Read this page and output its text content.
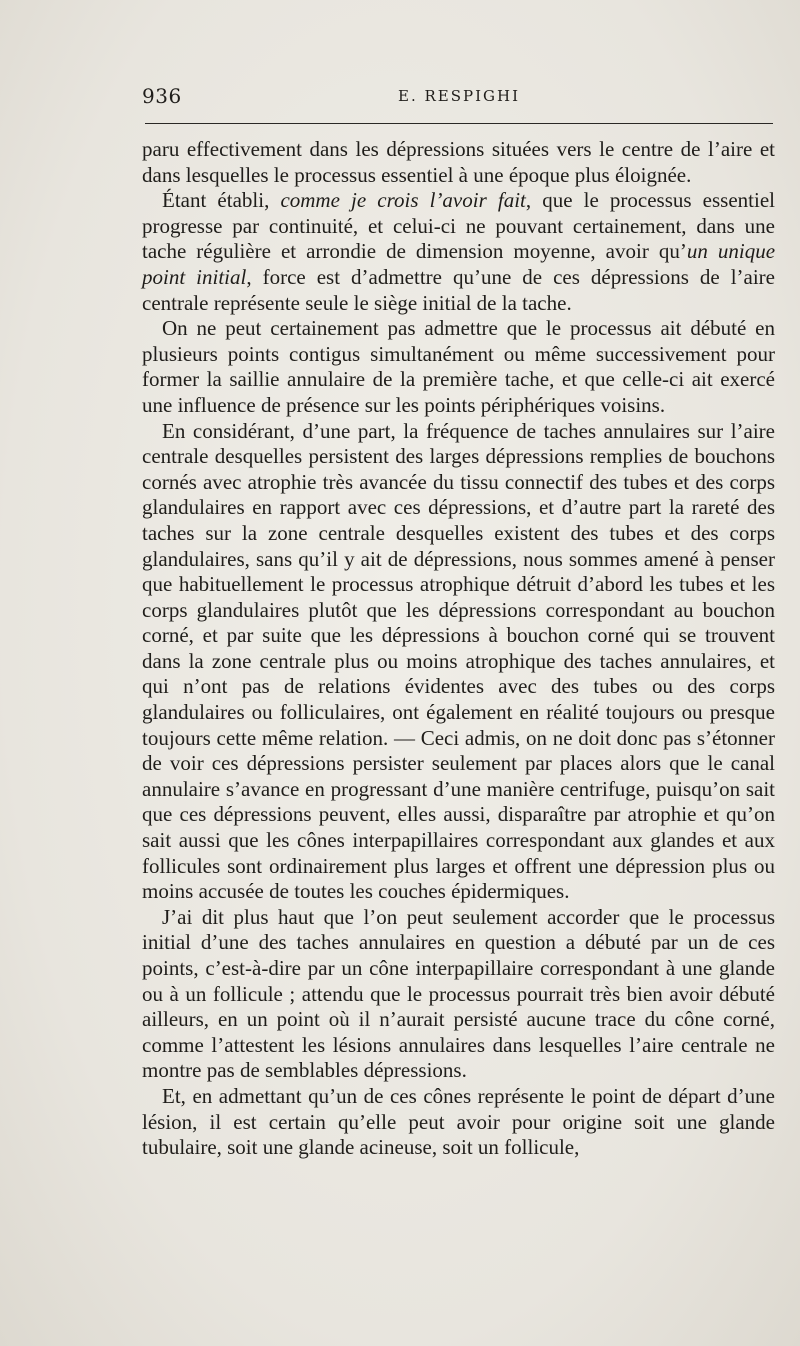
936	E. RESPIGHI

paru effectivement dans les dépressions situées vers le centre de l’aire et dans lesquelles le processus essentiel à une époque plus éloignée.

Étant établi, comme je crois l’avoir fait, que le processus essentiel progresse par continuité, et celui-ci ne pouvant certainement, dans une tache régulière et arrondie de dimension moyenne, avoir qu’un unique point initial, force est d’admettre qu’une de ces dépressions de l’aire centrale représente seule le siège initial de la tache.

On ne peut certainement pas admettre que le processus ait débuté en plusieurs points contigus simultanément ou même successivement pour former la saillie annulaire de la première tache, et que celle-ci ait exercé une influence de présence sur les points périphériques voisins.

En considérant, d’une part, la fréquence de taches annulaires sur l’aire centrale desquelles persistent des larges dépressions remplies de bouchons cornés avec atrophie très avancée du tissu connectif des tubes et des corps glandulaires en rapport avec ces dépressions, et d’autre part la rareté des taches sur la zone centrale desquelles existent des tubes et des corps glandulaires, sans qu’il y ait de dépressions, nous sommes amené à penser que habituellement le processus atrophique détruit d’abord les tubes et les corps glandulaires plutôt que les dépressions correspondant au bouchon corné, et par suite que les dépressions à bouchon corné qui se trouvent dans la zone centrale plus ou moins atrophique des taches annulaires, et qui n’ont pas de relations évidentes avec des tubes ou des corps glandulaires ou folliculaires, ont également en réalité toujours ou presque toujours cette même relation. — Ceci admis, on ne doit donc pas s’étonner de voir ces dépressions persister seulement par places alors que le canal annulaire s’avance en progressant d’une manière centrifuge, puisqu’on sait que ces dépressions peuvent, elles aussi, disparaître par atrophie et qu’on sait aussi que les cônes interpapillaires correspondant aux glandes et aux follicules sont ordinairement plus larges et offrent une dépression plus ou moins accusée de toutes les couches épidermiques.

J’ai dit plus haut que l’on peut seulement accorder que le processus initial d’une des taches annulaires en question a débuté par un de ces points, c’est-à-dire par un cône interpapillaire correspondant à une glande ou à un follicule ; attendu que le processus pourrait très bien avoir débuté ailleurs, en un point où il n’aurait persisté aucune trace du cône corné, comme l’attestent les lésions annulaires dans lesquelles l’aire centrale ne montre pas de semblables dépressions.

Et, en admettant qu’un de ces cônes représente le point de départ d’une lésion, il est certain qu’elle peut avoir pour origine soit une glande tubulaire, soit une glande acineuse, soit un follicule,
